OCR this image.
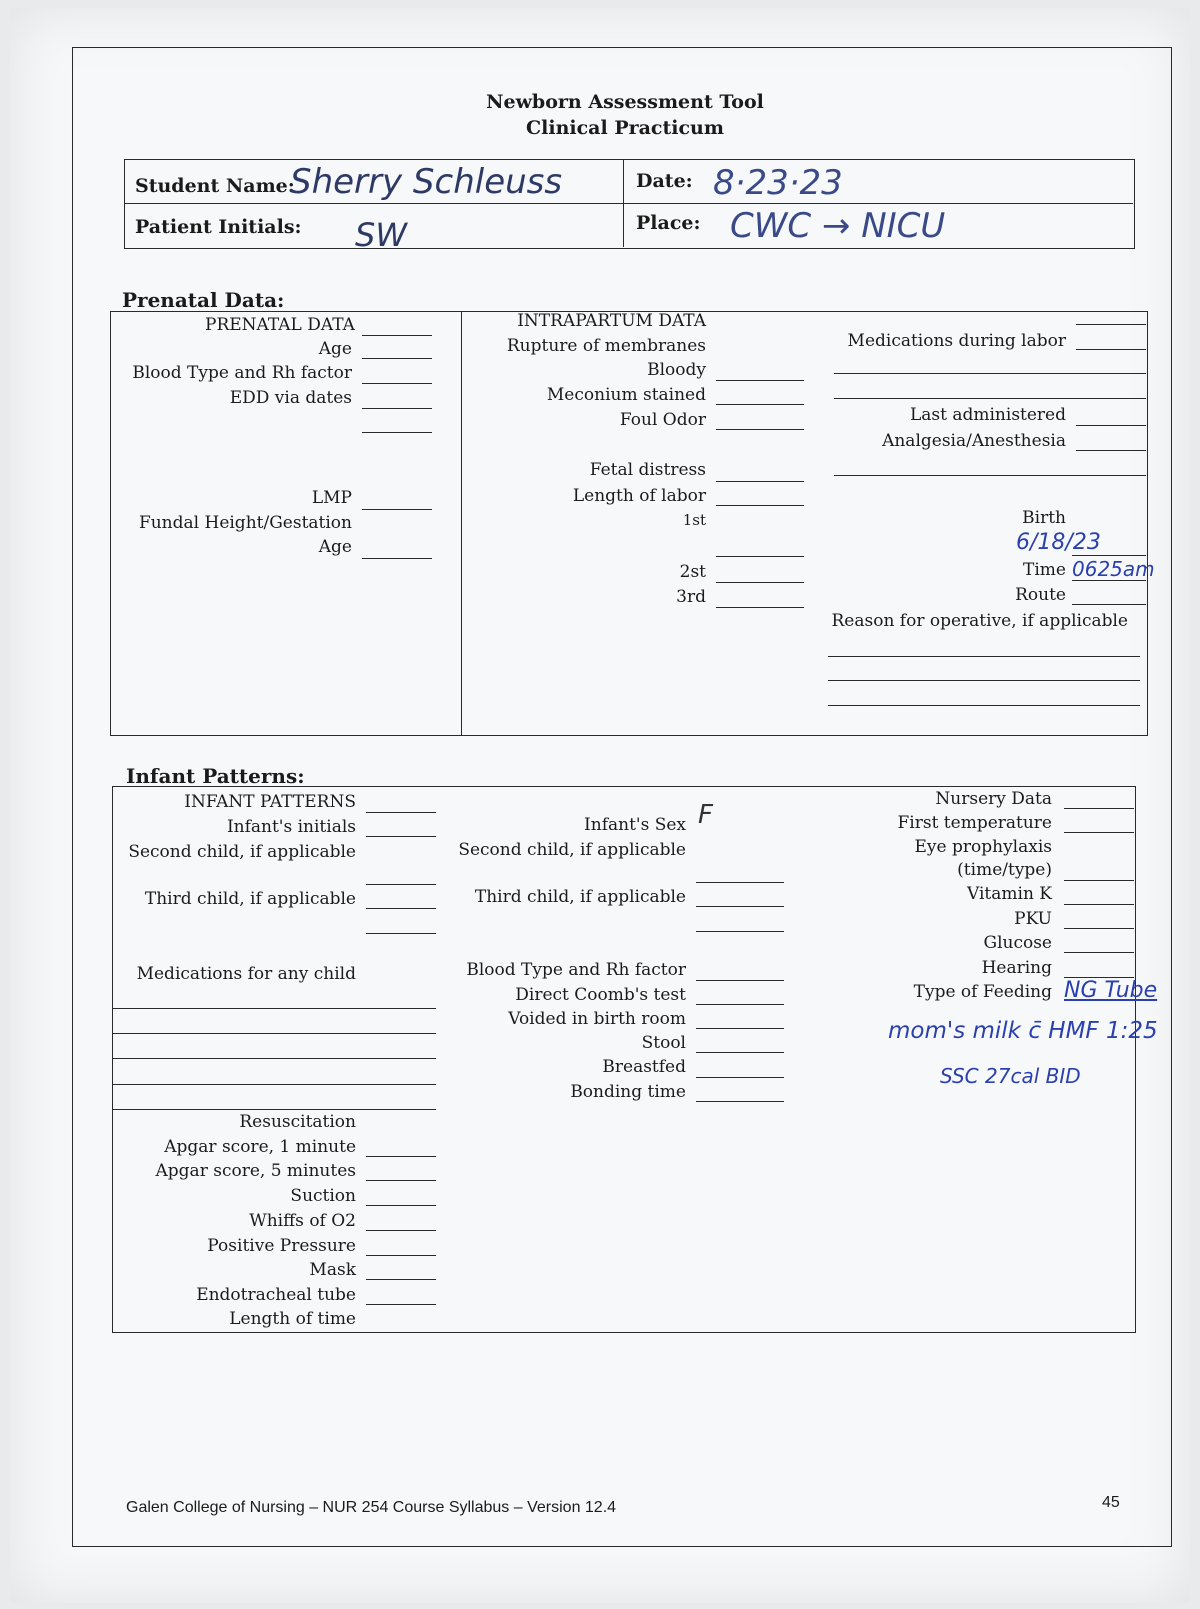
Newborn Assessment Tool
Clinical Practicum
Student Name:
Sherry Schleuss	Date: 8·23·23
Patient Initials: SW	Place: CWC → NICU
Prenatal Data:
PRENATAL DATA
Age
Blood Type and Rh factor
EDD via dates
LMP
Fundal Height/Gestation
Age
INTRAPARTUM DATA
Rupture of membranes
Bloody
Meconium stained
Foul Odor
Fetal distress
Length of labor
1st
2st
3rd
Medications during labor
Last administered
Analgesia/Anesthesia
Birth
6/18/23
Time 0625am
Route
Reason for operative, if applicable
Infant Patterns:
INFANT PATTERNS
Infant's initials
Second child, if applicable
Third child, if applicable
Medications for any child
Resuscitation
Apgar score, 1 minute
Apgar score, 5 minutes
Suction
Whiffs of O2
Positive Pressure
Mask
Endotracheal tube
Length of time
Infant's Sex F
Second child, if applicable
Third child, if applicable
Blood Type and Rh factor
Direct Coomb's test
Voided in birth room
Stool
Breastfed
Bonding time
Nursery Data
First temperature
Eye prophylaxis
(time/type)
Vitamin K
PKU
Glucose
Hearing
Type of Feeding NG Tube
mom's milk c̄ HMF 1:25
SSC 27cal BID
Galen College of Nursing – NUR 254 Course Syllabus – Version 12.4	45
